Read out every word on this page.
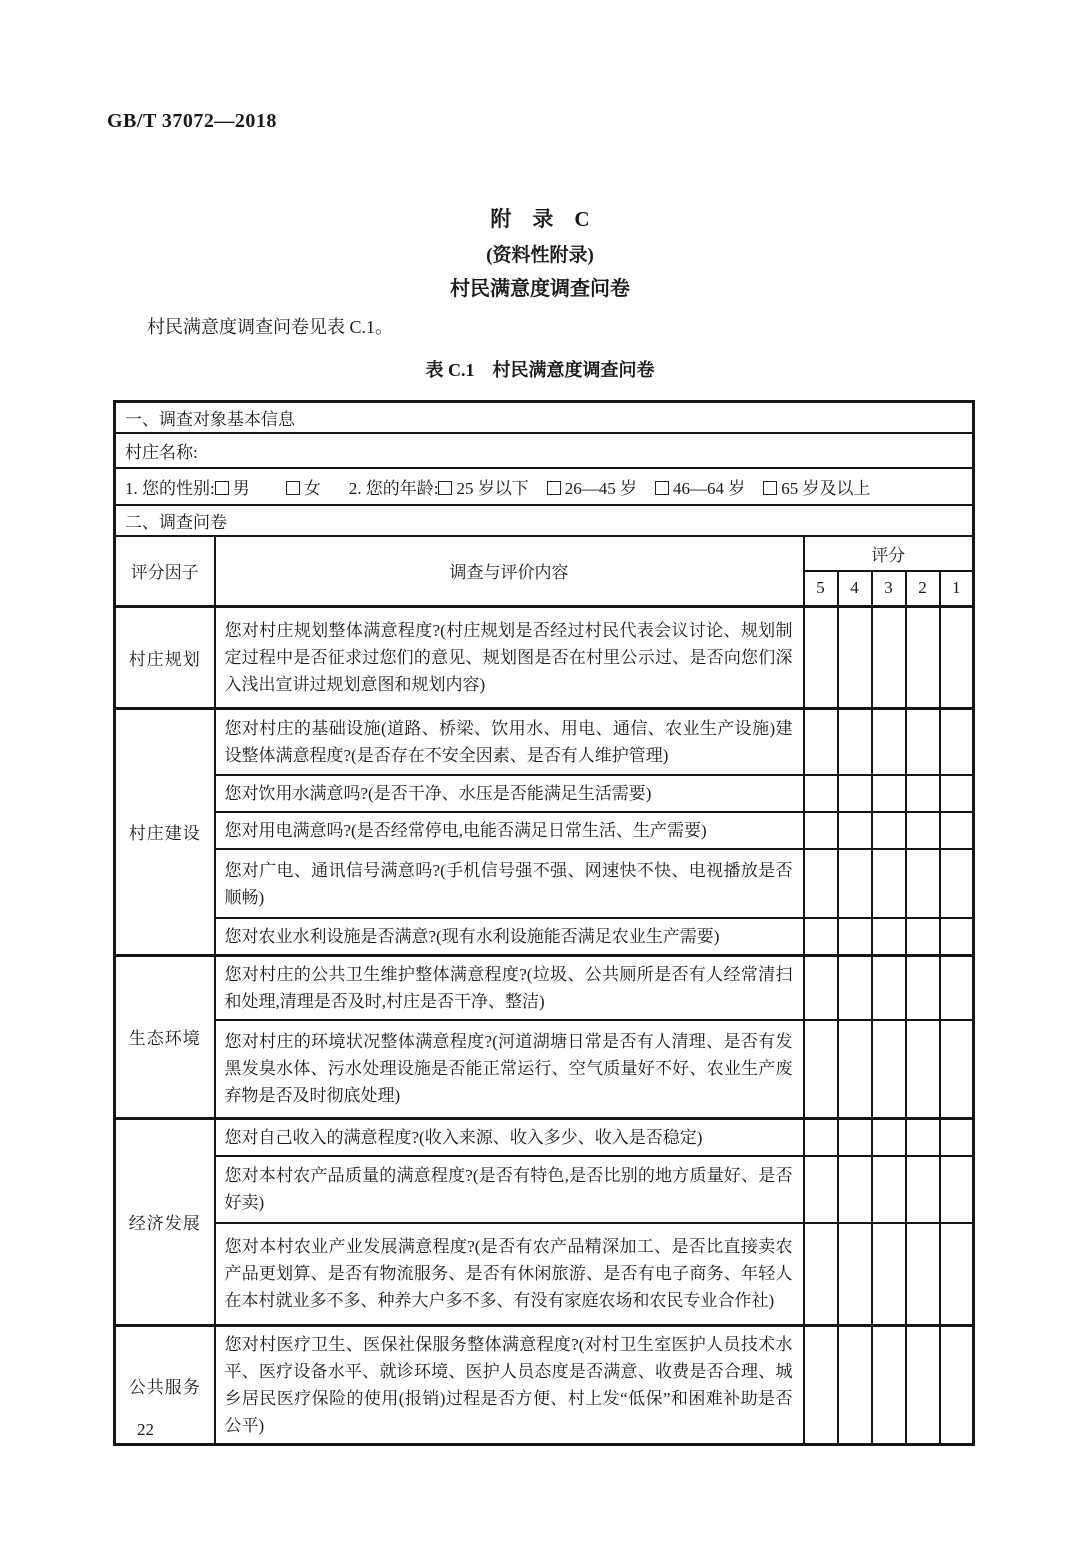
GB/T 37072—2018
附　录　C
(资料性附录)
村民满意度调查问卷
村民满意度调查问卷见表 C.1。
表 C.1　村民满意度调查问卷
一、调查对象基本信息						
村庄名称:						
1. 您的性别: 男 女 2. 您的年龄: 25 岁以下 26—45 岁 46—64 岁 65 岁及以上						
二、调查问卷						
评分因子	调查与评价内容	评分				
		5	4	3	2	1
村庄规划	您对村庄规划整体满意程度?(村庄规划是否经过村民代表会议讨论、规划制定过程中是否征求过您们的意见、规划图是否在村里公示过、是否向您们深入浅出宣讲过规划意图和规划内容)					
村庄建设	您对村庄的基础设施(道路、桥梁、饮用水、用电、通信、农业生产设施)建设整体满意程度?(是否存在不安全因素、是否有人维护管理)					
	您对饮用水满意吗?(是否干净、水压是否能满足生活需要)					
	您对用电满意吗?(是否经常停电,电能否满足日常生活、生产需要)					
	您对广电、通讯信号满意吗?(手机信号强不强、网速快不快、电视播放是否顺畅)					
	您对农业水利设施是否满意?(现有水利设施能否满足农业生产需要)					
生态环境	您对村庄的公共卫生维护整体满意程度?(垃圾、公共厕所是否有人经常清扫和处理,清理是否及时,村庄是否干净、整洁)					
	您对村庄的环境状况整体满意程度?(河道湖塘日常是否有人清理、是否有发黑发臭水体、污水处理设施是否能正常运行、空气质量好不好、农业生产废弃物是否及时彻底处理)					
经济发展	您对自己收入的满意程度?(收入来源、收入多少、收入是否稳定)					
	您对本村农产品质量的满意程度?(是否有特色,是否比别的地方质量好、是否好卖)					
	您对本村农业产业发展满意程度?(是否有农产品精深加工、是否比直接卖农产品更划算、是否有物流服务、是否有休闲旅游、是否有电子商务、年轻人在本村就业多不多、种养大户多不多、有没有家庭农场和农民专业合作社)					
公共服务	您对村医疗卫生、医保社保服务整体满意程度?(对村卫生室医护人员技术水平、医疗设备水平、就诊环境、医护人员态度是否满意、收费是否合理、城乡居民医疗保险的使用(报销)过程是否方便、村上发“低保”和困难补助是否公平)					
22
